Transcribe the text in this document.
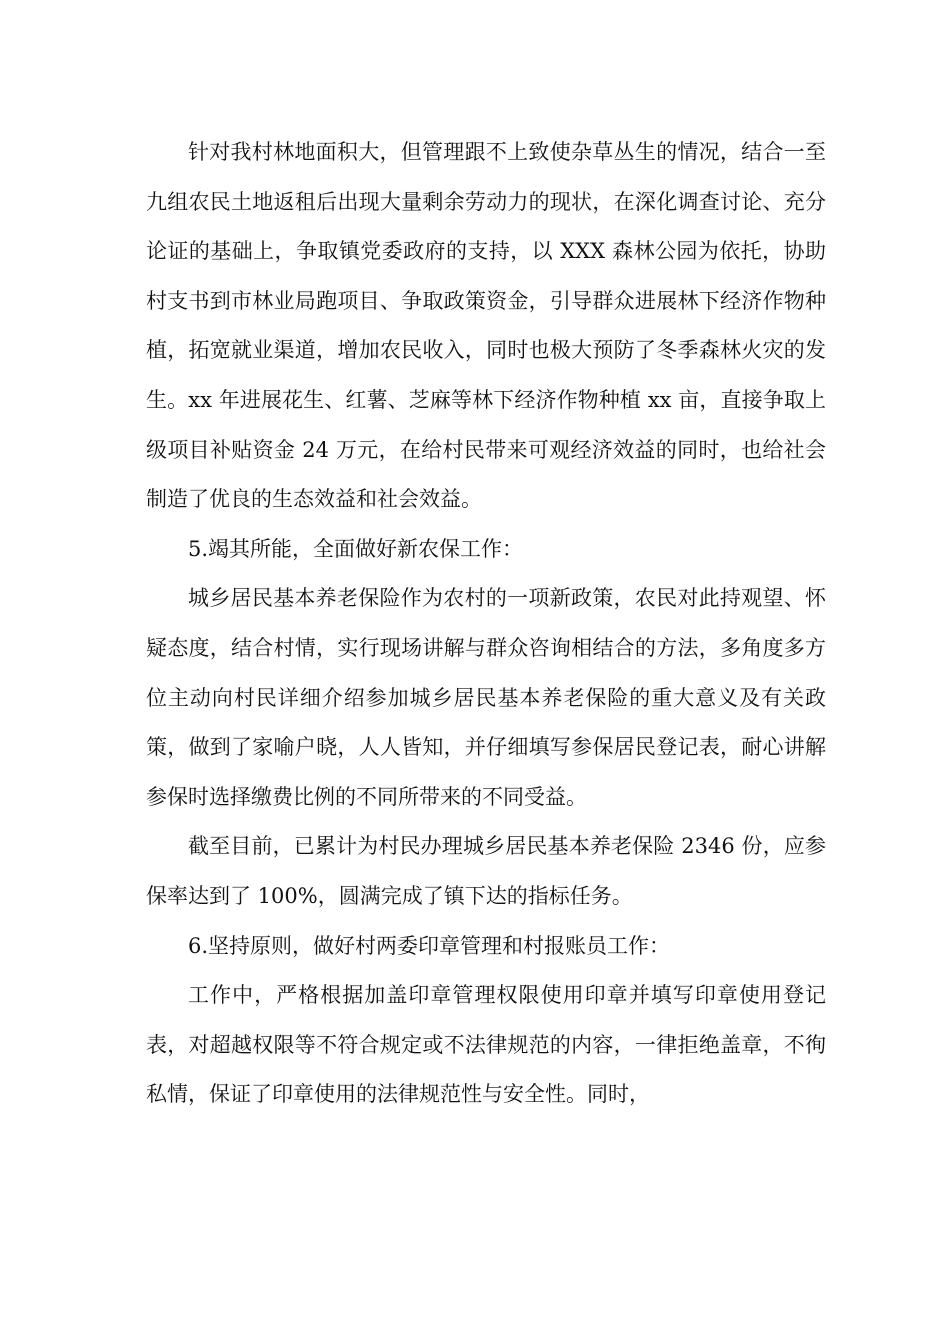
针对我村林地面积大，但管理跟不上致使杂草丛生的情况，结合一至九组农民土地返租后出现大量剩余劳动力的现状，在深化调查讨论、充分论证的基础上，争取镇党委政府的支持，以 XXX 森林公园为依托，协助村支书到市林业局跑项目、争取政策资金，引导群众进展林下经济作物种植，拓宽就业渠道，增加农民收入，同时也极大预防了冬季森林火灾的发生。xx 年进展花生、红薯、芝麻等林下经济作物种植 xx 亩，直接争取上级项目补贴资金 24 万元，在给村民带来可观经济效益的同时，也给社会制造了优良的生态效益和社会效益。

5.竭其所能，全面做好新农保工作：

城乡居民基本养老保险作为农村的一项新政策，农民对此持观望、怀疑态度，结合村情，实行现场讲解与群众咨询相结合的方法，多角度多方位主动向村民详细介绍参加城乡居民基本养老保险的重大意义及有关政策，做到了家喻户晓，人人皆知，并仔细填写参保居民登记表，耐心讲解参保时选择缴费比例的不同所带来的不同受益。

截至目前，已累计为村民办理城乡居民基本养老保险 2346 份，应参保率达到了 100%，圆满完成了镇下达的指标任务。

6.坚持原则，做好村两委印章管理和村报账员工作：

工作中，严格根据加盖印章管理权限使用印章并填写印章使用登记表，对超越权限等不符合规定或不法律规范的内容，一律拒绝盖章，不徇私情，保证了印章使用的法律规范性与安全性。同时，
